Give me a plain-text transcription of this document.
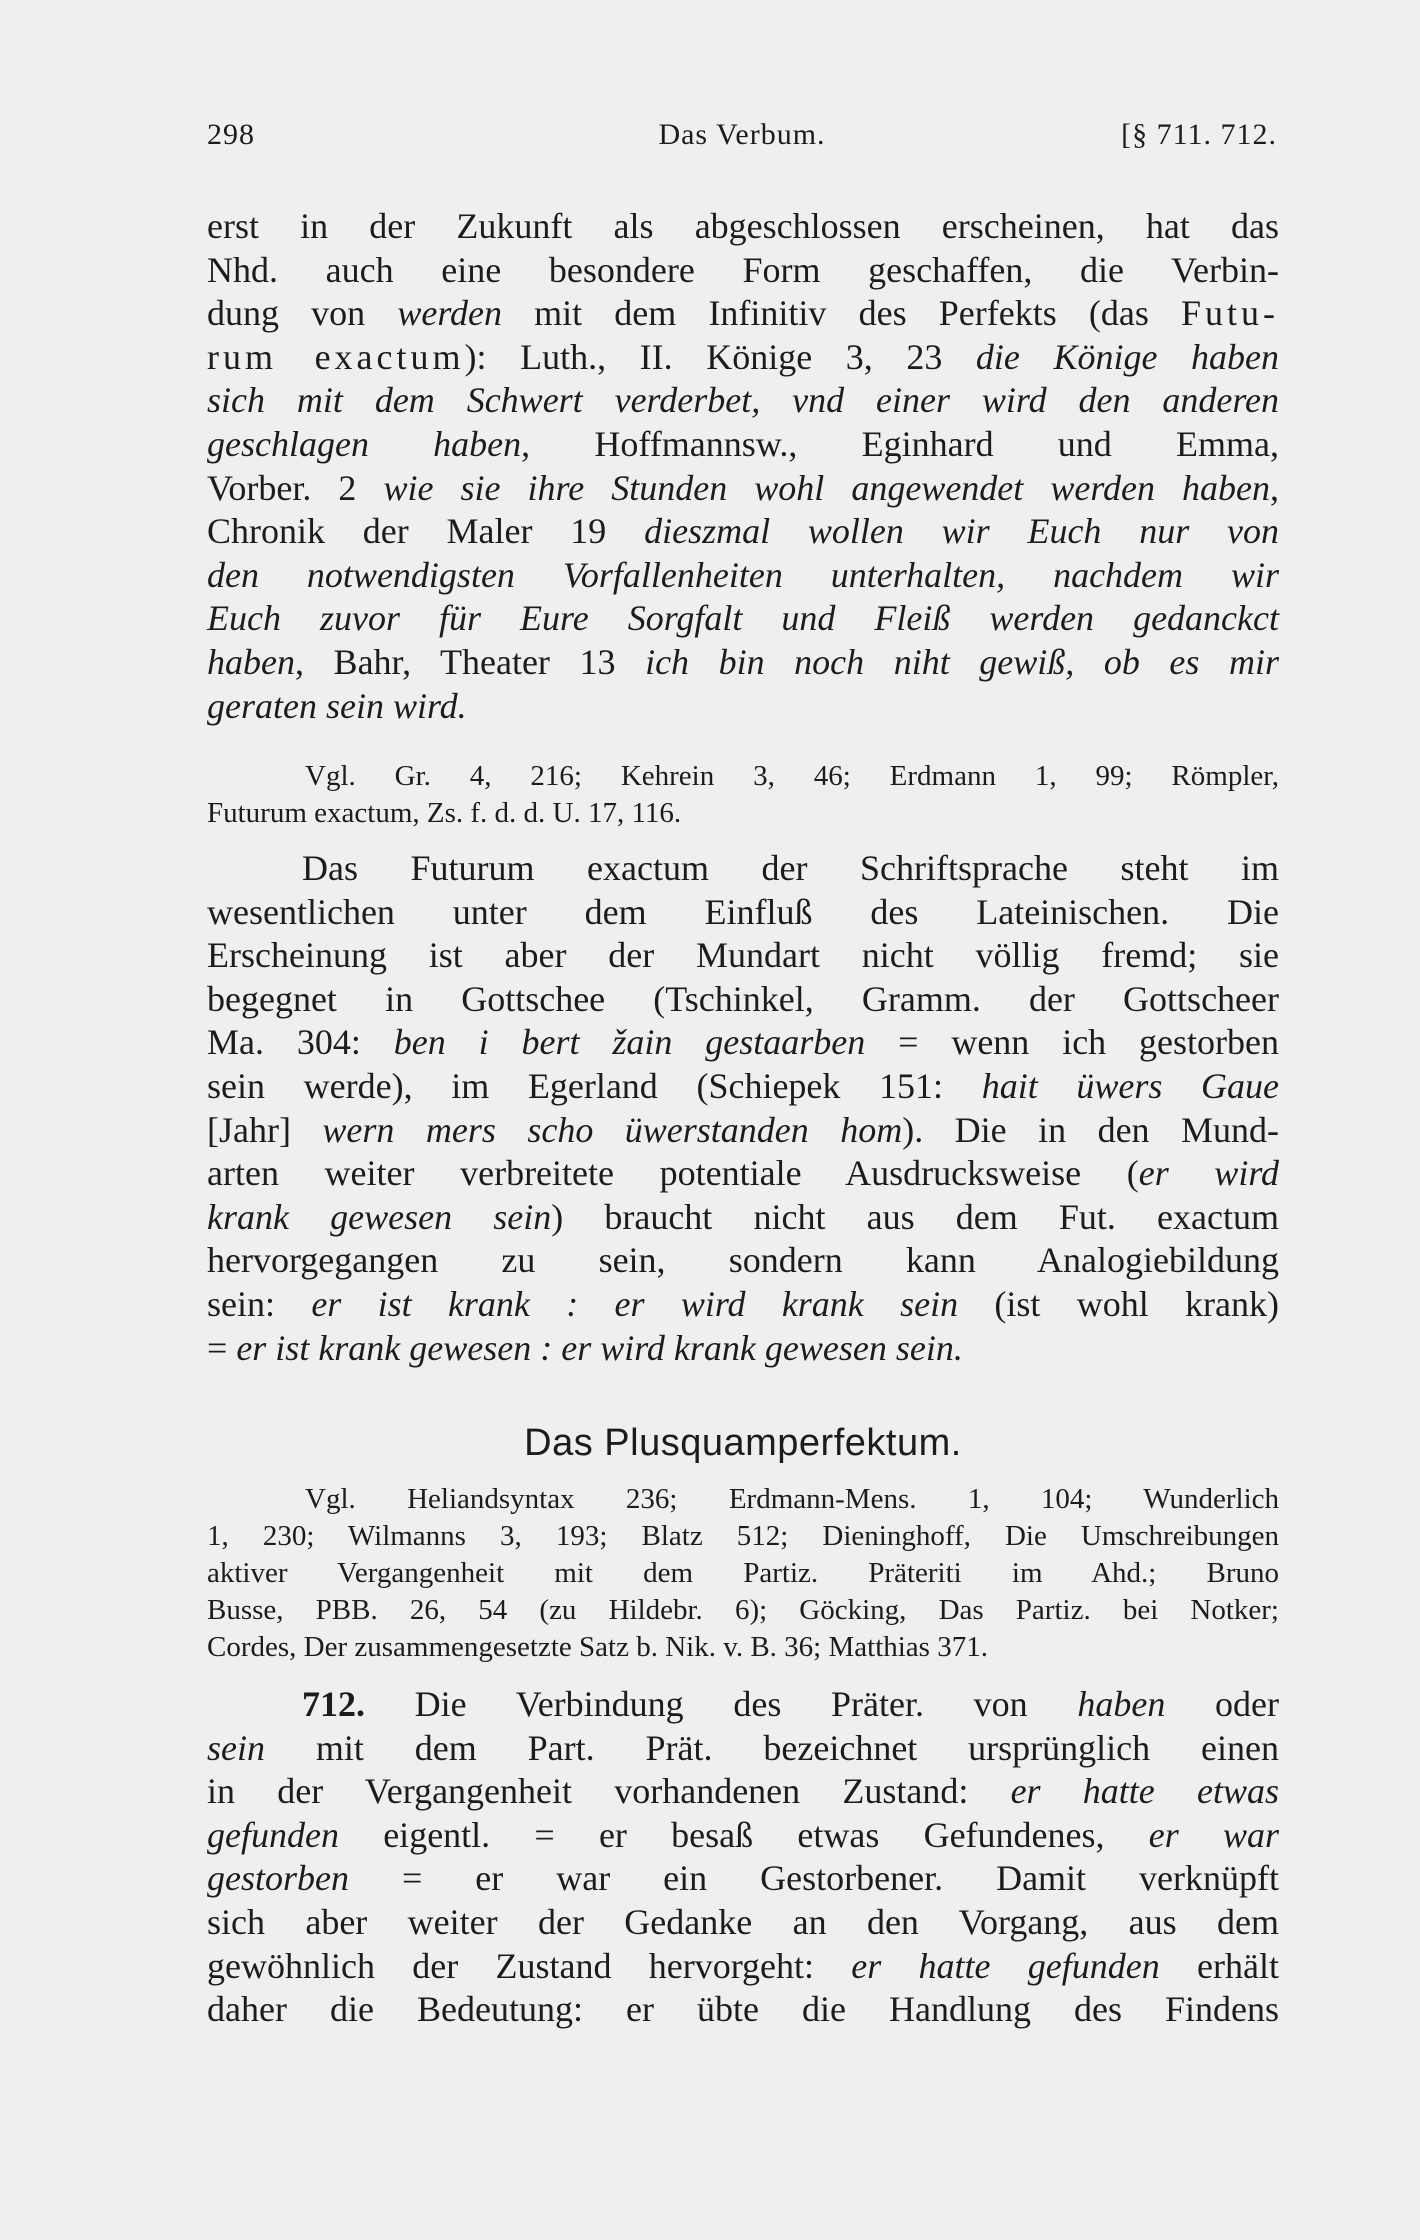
298	Das Verbum.	[§ 711. 712.
erst in der Zukunft als abgeschlossen erscheinen, hat das
Nhd. auch eine besondere Form geschaffen, die Verbin-
dung von werden mit dem Infinitiv des Perfekts (das Futu-
rum exactum): Luth., II. Könige 3, 23 die Könige haben
sich mit dem Schwert verderbet, vnd einer wird den anderen
geschlagen haben, Hoffmannsw., Eginhard und Emma,
Vorber. 2 wie sie ihre Stunden wohl angewendet werden haben,
Chronik der Maler 19 dieszmal wollen wir Euch nur von
den notwendigsten Vorfallenheiten unterhalten, nachdem wir
Euch zuvor für Eure Sorgfalt und Fleiß werden gedanckct
haben, Bahr, Theater 13 ich bin noch niht gewiß, ob es mir
geraten sein wird.
Vgl. Gr. 4, 216; Kehrein 3, 46; Erdmann 1, 99; Römpler,
Futurum exactum, Zs. f. d. d. U. 17, 116.
Das Futurum exactum der Schriftsprache steht im
wesentlichen unter dem Einfluß des Lateinischen. Die
Erscheinung ist aber der Mundart nicht völlig fremd; sie
begegnet in Gottschee (Tschinkel, Gramm. der Gottscheer
Ma. 304: ben i bert žain gestaarben = wenn ich gestorben
sein werde), im Egerland (Schiepek 151: hait üwers Gaue
[Jahr] wern mers scho üwerstanden hom). Die in den Mund-
arten weiter verbreitete potentiale Ausdrucksweise (er wird
krank gewesen sein) braucht nicht aus dem Fut. exactum
hervorgegangen zu sein, sondern kann Analogiebildung
sein: er ist krank : er wird krank sein (ist wohl krank)
= er ist krank gewesen : er wird krank gewesen sein.
Das Plusquamperfektum.
Vgl. Heliandsyntax 236; Erdmann-Mens. 1, 104; Wunderlich
1, 230; Wilmanns 3, 193; Blatz 512; Dieninghoff, Die Umschreibungen
aktiver Vergangenheit mit dem Partiz. Präteriti im Ahd.; Bruno
Busse, PBB. 26, 54 (zu Hildebr. 6); Göcking, Das Partiz. bei Notker;
Cordes, Der zusammengesetzte Satz b. Nik. v. B. 36; Matthias 371.
712. Die Verbindung des Präter. von haben oder
sein mit dem Part. Prät. bezeichnet ursprünglich einen
in der Vergangenheit vorhandenen Zustand: er hatte etwas
gefunden eigentl. = er besaß etwas Gefundenes, er war
gestorben = er war ein Gestorbener. Damit verknüpft
sich aber weiter der Gedanke an den Vorgang, aus dem
gewöhnlich der Zustand hervorgeht: er hatte gefunden erhält
daher die Bedeutung: er übte die Handlung des Findens
